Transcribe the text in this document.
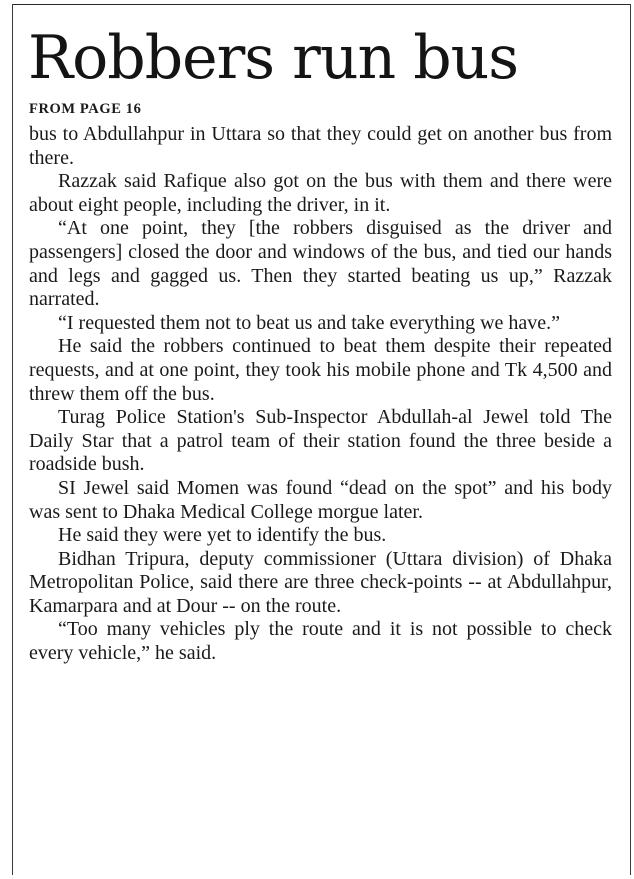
Robbers run bus
FROM PAGE 16

bus to Abdullahpur in Uttara so that they could get on another bus from there.

Razzak said Rafique also got on the bus with them and there were about eight people, including the driver, in it.

“At one point, they [the robbers disguised as the driver and passengers] closed the door and windows of the bus, and tied our hands and legs and gagged us. Then they started beating us up,” Razzak narrated.

“I requested them not to beat us and take everything we have.”

He said the robbers continued to beat them despite their repeated requests, and at one point, they took his mobile phone and Tk 4,500 and threw them off the bus.

Turag Police Station's Sub-Inspector Abdullah-al Jewel told The Daily Star that a patrol team of their station found the three beside a roadside bush.

SI Jewel said Momen was found “dead on the spot” and his body was sent to Dhaka Medical College morgue later.

He said they were yet to identify the bus.

Bidhan Tripura, deputy commissioner (Uttara division) of Dhaka Metropolitan Police, said there are three check-points -- at Abdullahpur, Kamarpara and at Dour -- on the route.

“Too many vehicles ply the route and it is not possible to check every vehicle,” he said.
